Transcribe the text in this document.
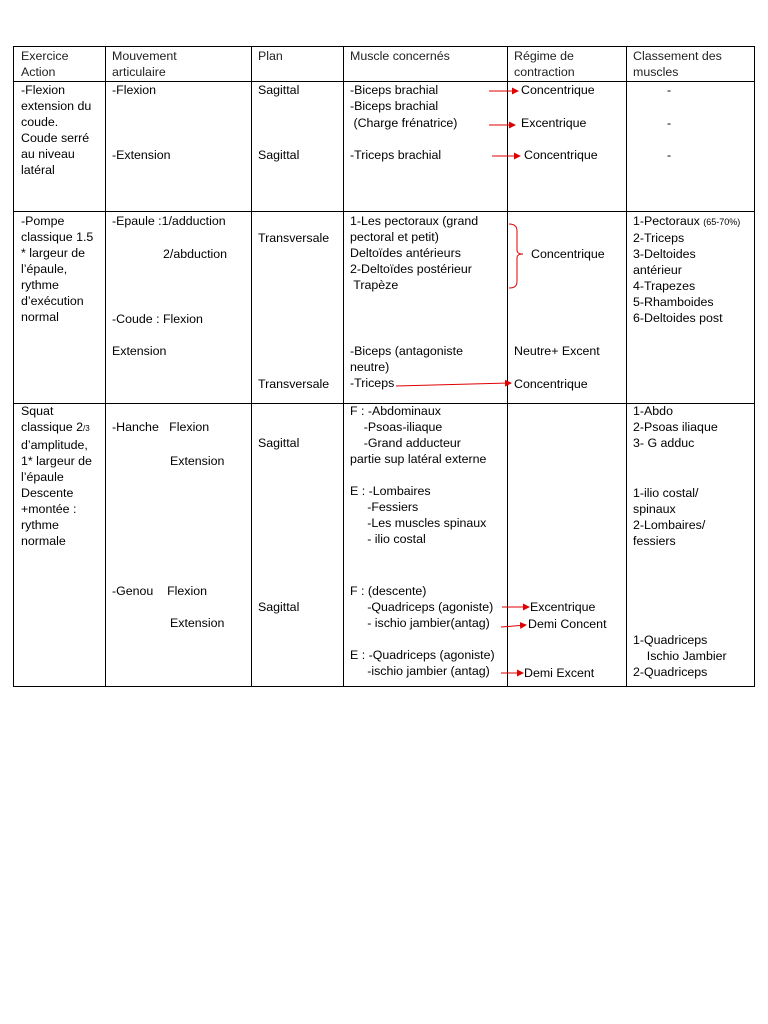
Exercice
Action
Mouvement
articulaire
Plan	Muscle concernés	Régime de
contraction
Classement des
muscles
-Flexion
extension du
coude.
Coude serré
au niveau
latéral
-Flexion
-Extension
Sagittal
Sagittal
-Biceps brachial
-Biceps brachial
(Charge frénatrice)
-Triceps brachial
Concentrique
Excentrique
Concentrique
-
-
-
-Pompe
classique 1.5
* largeur de
l’épaule,
rythme
d’exécution
normal
-Epaule :1/adduction
2/abduction
-Coude : Flexion
Extension
Transversale
Transversale
1-Les pectoraux (grand
pectoral et petit)
Deltoïdes antérieurs
2-Deltoïdes postérieur
Trapèze
-Biceps (antagoniste
neutre)
-Triceps
Concentrique
Neutre+ Excent
Concentrique
1-Pectoraux (65-70%)
2-Triceps
3-Deltoides
antérieur
4-Trapezes
5-Rhamboides
6-Deltoides post
Squat
classique 2/3
d’amplitude,
1* largeur de
l’épaule
Descente
+montée :
rythme
normale
-Hanche   Flexion
Extension
-Genou    Flexion
Extension
Sagittal
Sagittal
F : -Abdominaux
-Psoas-iliaque
-Grand adducteur
partie sup latéral externe

E : -Lombaires
-Fessiers
-Les muscles spinaux
- ilio costal
F : (descente)
-Quadriceps (agoniste)
- ischio jambier(antag)

E : -Quadriceps (agoniste)
-ischio jambier (antag)
Excentrique
Demi Concent
Demi Excent
1-Abdo
2-Psoas iliaque
3- G adduc
1-ilio costal/
spinaux
2-Lombaires/
fessiers
1-Quadriceps
Ischio Jambier
2-Quadriceps
